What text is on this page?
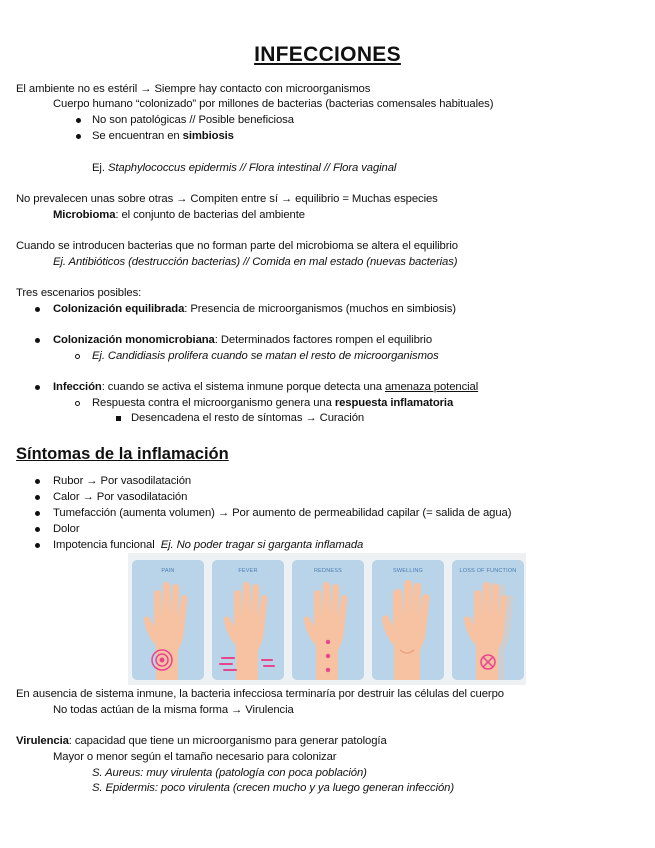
INFECCIONES
El ambiente no es estéril → Siempre hay contacto con microorganismos
Cuerpo humano “colonizado” por millones de bacterias (bacterias comensales habituales)
No son patológicas // Posible beneficiosa
Se encuentran en simbiosis
Ej. Staphylococcus epidermis // Flora intestinal // Flora vaginal
No prevalecen unas sobre otras → Compiten entre sí → equilibrio = Muchas especies
Microbioma: el conjunto de bacterias del ambiente
Cuando se introducen bacterias que no forman parte del microbioma se altera el equilibrio
Ej. Antibióticos (destrucción bacterias) // Comida en mal estado (nuevas bacterias)
Tres escenarios posibles:
Colonización equilibrada: Presencia de microorganismos (muchos en simbiosis)
Colonización monomicrobiana: Determinados factores rompen el equilibrio
Ej. Candidiasis prolifera cuando se matan el resto de microorganismos
Infección: cuando se activa el sistema inmune porque detecta una amenaza potencial
Respuesta contra el microorganismo genera una respuesta inflamatoria
Desencadena el resto de síntomas → Curación
Síntomas de la inflamación
Rubor → Por vasodilatación
Calor → Por vasodilatación
Tumefacción (aumenta volumen) → Por aumento de permeabilidad capilar (= salida de agua)
Dolor
Impotencia funcional  Ej. No poder tragar si garganta inflamada
PAIN	FEVER	REDNESS	SWELLING	LOSS OF FUNCTION
En ausencia de sistema inmune, la bacteria infecciosa terminaría por destruir las células del cuerpo
No todas actúan de la misma forma → Virulencia
Virulencia: capacidad que tiene un microorganismo para generar patología
Mayor o menor según el tamaño necesario para colonizar
S. Aureus: muy virulenta (patología con poca población)
S. Epidermis: poco virulenta (crecen mucho y ya luego generan infección)
